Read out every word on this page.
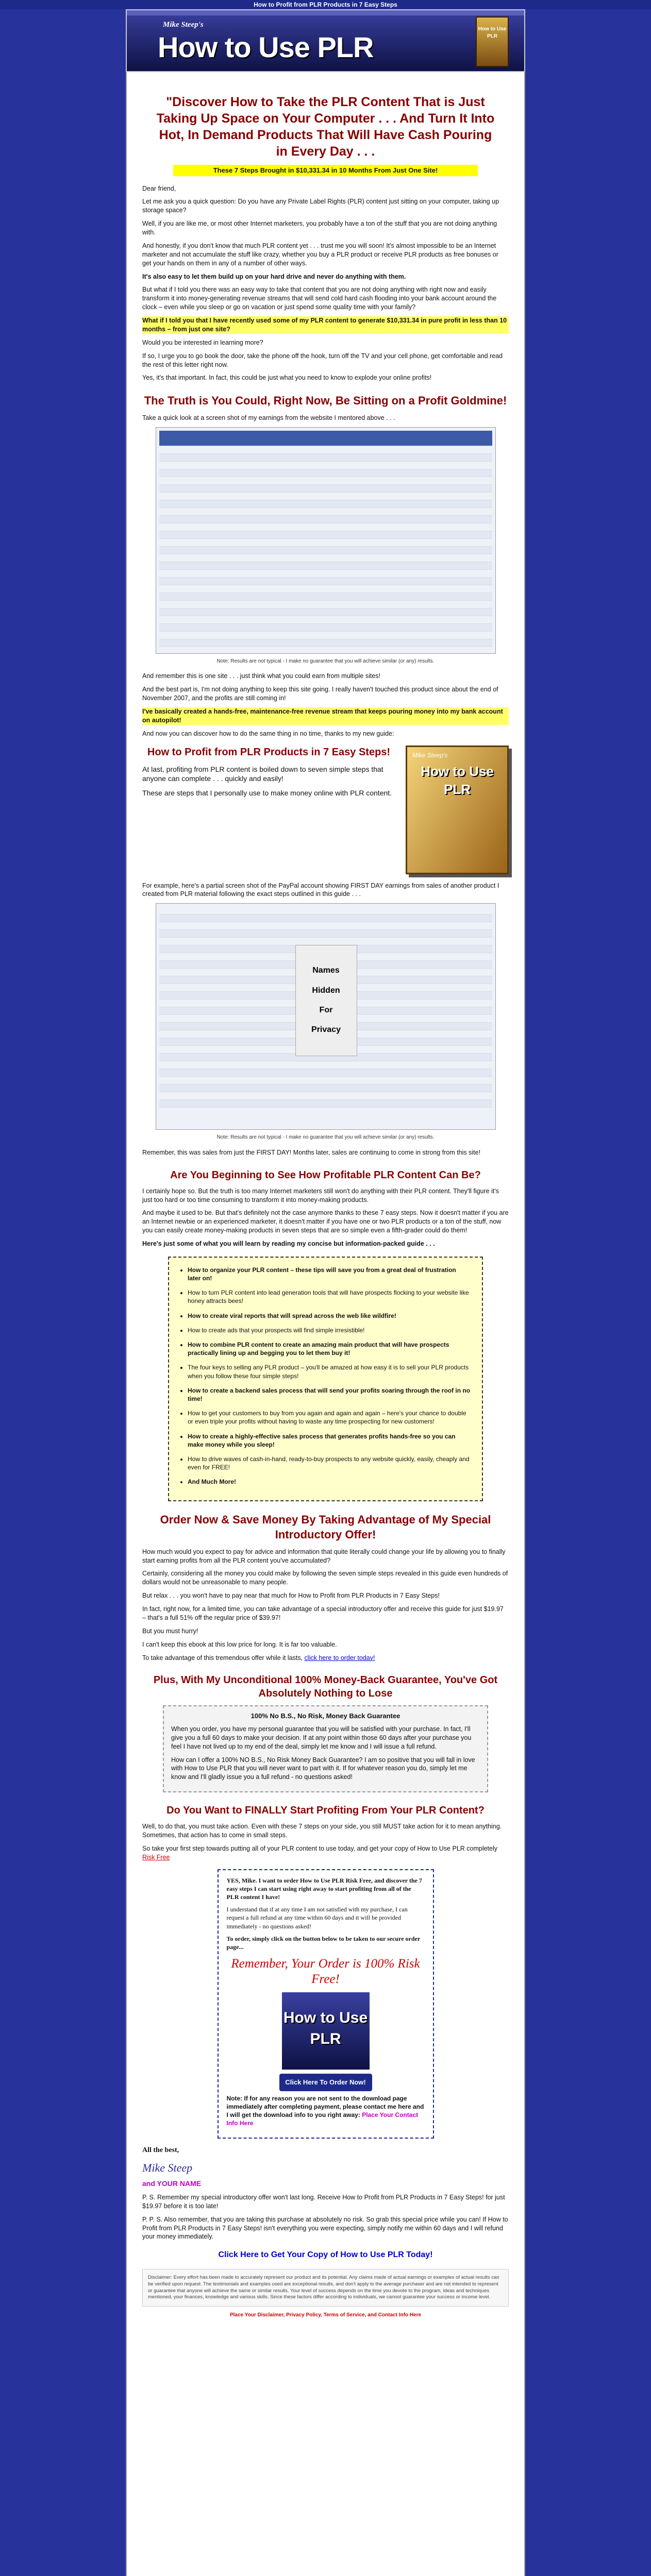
How to Profit from PLR Products in 7 Easy Steps
Mike Steep's
How to Use PLR
How to Use PLR
"Discover How to Take the PLR Content That is Just Taking Up Space on Your Computer . . . And Turn It Into Hot, In Demand Products That Will Have Cash Pouring in Every Day . . .
These 7 Steps Brought in $10,331.34 in 10 Months From Just One Site!

Dear friend,

Let me ask you a quick question: Do you have any Private Label Rights (PLR) content just sitting on your computer, taking up storage space?

Well, if you are like me, or most other Internet marketers, you probably have a ton of the stuff that you are not doing anything with.

And honestly, if you don't know that much PLR content yet . . . trust me you will soon! It's almost impossible to be an Internet marketer and not accumulate the stuff like crazy, whether you buy a PLR product or receive PLR products as free bonuses or get your hands on them in any of a number of other ways.

It's also easy to let them build up on your hard drive and never do anything with them.

But what if I told you there was an easy way to take that content that you are not doing anything with right now and easily transform it into money-generating revenue streams that will send cold hard cash flooding into your bank account around the clock – even while you sleep or go on vacation or just spend some quality time with your family?

What if I told you that I have recently used some of my PLR content to generate $10,331.34 in pure profit in less than 10 months – from just one site?

Would you be interested in learning more?

If so, I urge you to go book the door, take the phone off the hook, turn off the TV and your cell phone, get comfortable and read the rest of this letter right now.

Yes, it's that important. In fact, this could be just what you need to know to explode your online profits!

The Truth is You Could, Right Now, Be Sitting on a Profit Goldmine!

Take a quick look at a screen shot of my earnings from the website I mentored above . . .

Note: Results are not typical - I make no guarantee that you will achieve similar (or any) results.

And remember this is one site . . . just think what you could earn from multiple sites!

And the best part is, I'm not doing anything to keep this site going. I really haven't touched this product since about the end of November 2007, and the profits are still coming in!

I've basically created a hands-free, maintenance-free revenue stream that keeps pouring money into my bank account on autopilot!

And now you can discover how to do the same thing in no time, thanks to my new guide:

How to Profit from PLR Products in 7 Easy Steps!

At last, profiting from PLR content is boiled down to seven simple steps that anyone can complete . . . quickly and easily!

These are steps that I personally use to make money online with PLR content.

Mike Steep's
How to Use PLR

For example, here's a partial screen shot of the PayPal account showing FIRST DAY earnings from sales of another product I created from PLR material following the exact steps outlined in this guide . . .

Names
Hidden
For
Privacy
Note: Results are not typical - I make no guarantee that you will achieve similar (or any) results.

Remember, this was sales from just the FIRST DAY! Months later, sales are continuing to come in strong from this site!

Are You Beginning to See How Profitable PLR Content Can Be?

I certainly hope so. But the truth is too many Internet marketers still won't do anything with their PLR content. They'll figure it's just too hard or too time consuming to transform it into money-making products.

And maybe it used to be. But that's definitely not the case anymore thanks to these 7 easy steps. Now it doesn't matter if you are an Internet newbie or an experienced marketer, it doesn't matter if you have one or two PLR products or a ton of the stuff, now you can easily create money-making products in seven steps that are so simple even a fifth-grader could do them!

Here's just some of what you will learn by reading my concise but information-packed guide . . .

• How to organize your PLR content – these tips will save you from a great deal of frustration later on!
• How to turn PLR content into lead generation tools that will have prospects flocking to your website like honey attracts bees!
• How to create viral reports that will spread across the web like wildfire!
• How to create ads that your prospects will find simple irresistible!
• How to combine PLR content to create an amazing main product that will have prospects practically lining up and begging you to let them buy it!
• The four keys to selling any PLR product – you'll be amazed at how easy it is to sell your PLR products when you follow these four simple steps!
• How to create a backend sales process that will send your profits soaring through the roof in no time!
• How to get your customers to buy from you again and again and again – here's your chance to double or even triple your profits without having to waste any time prospecting for new customers!
• How to create a highly-effective sales process that generates profits hands-free so you can make money while you sleep!
• How to drive waves of cash-in-hand, ready-to-buy prospects to any website quickly, easily, cheaply and even for FREE!
• And Much More!
Order Now & Save Money By Taking Advantage of My Special Introductory Offer!

How much would you expect to pay for advice and information that quite literally could change your life by allowing you to finally start earning profits from all the PLR content you've accumulated?

Certainly, considering all the money you could make by following the seven simple steps revealed in this guide even hundreds of dollars would not be unreasonable to many people.

But relax . . . you won't have to pay near that much for How to Profit from PLR Products in 7 Easy Steps!

In fact, right now, for a limited time, you can take advantage of a special introductory offer and receive this guide for just $19.97 – that's a full 51% off the regular price of $39.97!

But you must hurry!

I can't keep this ebook at this low price for long. It is far too valuable.

To take advantage of this tremendous offer while it lasts, click here to order today!

Plus, With My Unconditional 100% Money-Back Guarantee, You've Got Absolutely Nothing to Lose
100% No B.S., No Risk, Money Back Guarantee

When you order, you have my personal guarantee that you will be satisfied with your purchase. In fact, I'll give you a full 60 days to make your decision. If at any point within those 60 days after your purchase you feel I have not lived up to my end of the deal, simply let me know and I will issue a full refund.

How can I offer a 100% NO B.S., No Risk Money Back Guarantee? I am so positive that you will fall in love with How to Use PLR that you will never want to part with it. If for whatever reason you do, simply let me know and I'll gladly issue you a full refund - no questions asked!

Do You Want to FINALLY Start Profiting From Your PLR Content?

Well, to do that, you must take action. Even with these 7 steps on your side, you still MUST take action for it to mean anything. Sometimes, that action has to come in small steps.

So take your first step towards putting all of your PLR content to use today, and get your copy of How to Use PLR completely Risk Free

YES, Mike. I want to order How to Use PLR Risk Free, and discover the 7 easy steps I can start using right away to start profiting from all of the PLR content I have!
I understand that if at any time I am not satisfied with my purchase, I can request a full refund at any time within 60 days and it will be provided immediately - no questions asked!
To order, simply click on the button below to be taken to our secure order page...
Remember, Your Order is 100% Risk Free!
How to Use PLR
Click Here To Order Now!
Note: If for any reason you are not sent to the download page immediately after completing payment, please contact me here and I will get the download info to you right away: Place Your Contact Info Here

All the best,

Mike Steep

and YOUR NAME

P. S. Remember my special introductory offer won't last long. Receive How to Profit from PLR Products in 7 Easy Steps! for just $19.97 before it is too late!

P. P. S. Also remember, that you are taking this purchase at absolutely no risk. So grab this special price while you can! If How to Profit from PLR Products in 7 Easy Steps! isn't everything you were expecting, simply notify me within 60 days and I will refund your money immediately.

Click Here to Get Your Copy of How to Use PLR Today!
Disclaimer: Every effort has been made to accurately represent our product and its potential. Any claims made of actual earnings or examples of actual results can be verified upon request. The testimonials and examples used are exceptional results, and don't apply to the average purchaser and are not intended to represent or guarantee that anyone will achieve the same or similar results. Your level of success depends on the time you devote to the program, ideas and techniques mentioned, your finances, knowledge and various skills. Since these factors differ according to individuals, we cannot guarantee your success or income level.
Place Your Disclaimer, Privacy Policy, Terms of Service, and Contact Info Here
